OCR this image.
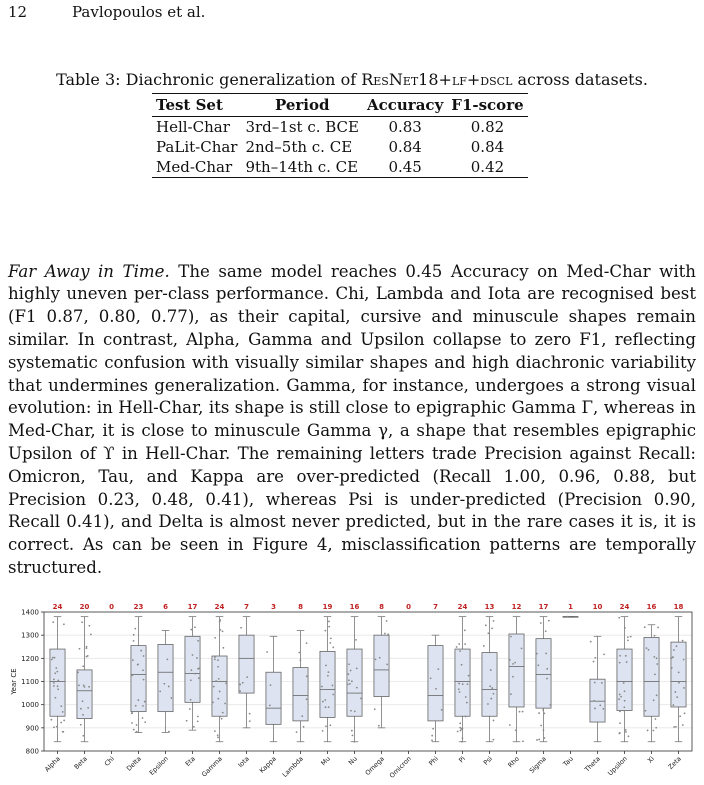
12	Pavlopoulos et al.
Table 3: Diachronic generalization of ResNet18+lf+dscl across datasets.
Test Set	Period	Accuracy	F1-score
Hell-Char	3rd–1st c. BCE	0.83	0.82
PaLit-Char	2nd–5th c. CE	0.84	0.84
Med-Char	9th–14th c. CE	0.45	0.42

Far Away in Time. The same model reaches 0.45 Accuracy on Med-Char with highly uneven per-class performance. Chi, Lambda and Iota are recognised best (F1 0.87, 0.80, 0.77), as their capital, cursive and minuscule shapes remain similar. In contrast, Alpha, Gamma and Upsilon collapse to zero F1, reflecting systematic confusion with visually similar shapes and high diachronic variability that undermines generalization. Gamma, for instance, undergoes a strong visual evolution: in Hell-Char, its shape is still close to epigraphic Gamma Γ, whereas in Med-Char, it is close to minuscule Gamma γ, a shape that resembles epigraphic Upsilon of ϒ in Hell-Char. The remaining letters trade Precision against Recall: Omicron, Tau, and Kappa are over-predicted (Recall 1.00, 0.96, 0.88, but Precision 0.23, 0.48, 0.41), whereas Psi is under-predicted (Precision 0.90, Recall 0.41), and Delta is almost never predicted, but in the rare cases it is, it is correct. As can be seen in Figure 4, misclassification patterns are temporally structured.

800
900
1000
1100
1200
1300
1400
Year CE
24
Alpha
20
Beta
0
Chi
23
Delta
6
Epsilon
17
Eta
24
Gamma
7
Iota
3
Kappa
8
Lambda
19
Mu
16
Nu
8
Omega
0
Omicron
7
Phi
24
Pi
13
Psi
12
Rho
17
Sigma
1
Tau
10
Theta
24
Upsilon
16
Xi
18
Zeta
